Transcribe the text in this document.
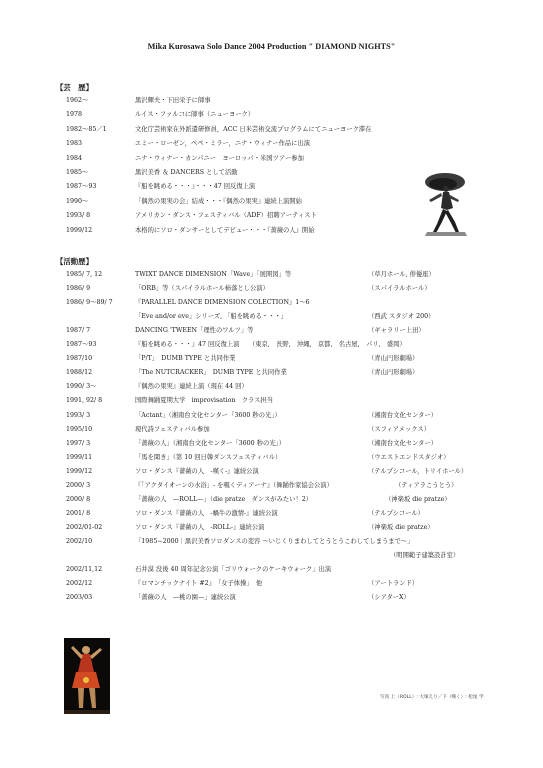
Mika Kurosawa Solo Dance 2004 Production " DIAMOND NIGHTS"
【芸　歴】
1962〜	黒沢輝夫・下田栄子に師事
1978	ルイス・ファルコに師事（ニューヨーク）
1982〜85／1	文化庁芸術家在外派遣研修員，ACC 日米芸術交流プログラムにてニューヨーク滞在
1983	エミー・ローゼン，ペペ・ミラー，ニナ・ウィナー作品に出演
1984	ニナ・ウィナー・カンパニー　ヨーロッパ・米国ツアー参加
1985〜	黒沢美香 ＆ DANCERS として活動
1987〜93	『船を眺める・・・』・・・47 回反復上演
1990〜	「偶然の果実の会」結成・・・『偶然の果実』連続上演開始
1993/ 8	アメリカン・ダンス・フェスティバル（ADF）招聘アーティスト
1999/12	本格的にソロ・ダンサーとしてデビュー・・・『薔薇の人』開始
【活動歴】
1985/ 7, 12	TWIXT DANCE DIMENSION「Wave」「展開図」等	（草月ホール, 俳優座）
1986/ 9	「ORB」等（スパイラルホール柿落とし公演）	（スパイラルホール）
1986/ 9〜89/ 7	『PARALLEL DANCE DIMENSION COLECTION』1〜6
「Eve and/or eve」シリーズ, 「船を眺める・・・」	（西武 スタジオ 200）
1987/ 7	DANCING 'TWEEN「理性のワルツ」等	（ギャラリー上田）
1987〜93	『船を眺める・・・』47 回反復上演　　（東京,　長野,　沖縄,　京都,　名古屋,　パリ,　盛岡）
1987/10	「P/T」　DUMB TYPE と共同作業	（青山円形劇場）
1988/12	「The NUTCRACKER」　DUMB TYPE と共同作業	（青山円形劇場）
1990/ 3〜	『偶然の果実』連続上演（現在 44 回）
1991, 92/ 8	国際舞踊夏期大学　improvisation　クラス担当
1993/ 3	「Actant」（湘南台文化センター「3600 秒の光」）	（湘南台文化センター）
1995/10	現代詩フェスティバル参加	（スフィアメックス）
1997/ 3	「薔薇の人」（湘南台文化センター「3600 秒の光」）	（湘南台文化センター）
1999/11	「馬を聞き」（第 10 回日韓ダンスフェスティバル）	（ウエストエンドスタジオ）
1999/12	ソロ・ダンス『薔薇の人　-嘆く-』連続公演	（テルプシコール，トリイホール）
2000/ 3	『「アクタイオーンの水浴」- を覗くディアーナ』（舞踊作家協会公演）	（ティアラこうとう）
2000/ 8	「薔薇の人　—ROLL—」（die pratze　ダンスがみたい！2）	（神楽坂 die pratze）
2001/ 8	ソロ・ダンス『薔薇の人　-蝸牛の激情-』連続公演	（テルプシコール）
2002/01-02	ソロ・ダンス『薔薇の人　-ROLL-』連続公演	（神楽坂 die pratze）
2002/10	「1985−2000｜黒沢美香ソロダンスの変容 〜いじくりまわしてとうとうこわしてしまうまで〜」
（明開範子建築設計室）
2002/11,12	石井漠 没後 40 周年記念公演「ゴリウォークのケーキウォーク」出演
2002/12	『ロマンチックナイト #2』　「女子体操」　他	（アートランド）
2003/03	「薔薇の人　—桃の園—」連続公演	（シアターX）
写真 上（ROLL）: 大塚えり／下（嘆く）: 松尾 学
